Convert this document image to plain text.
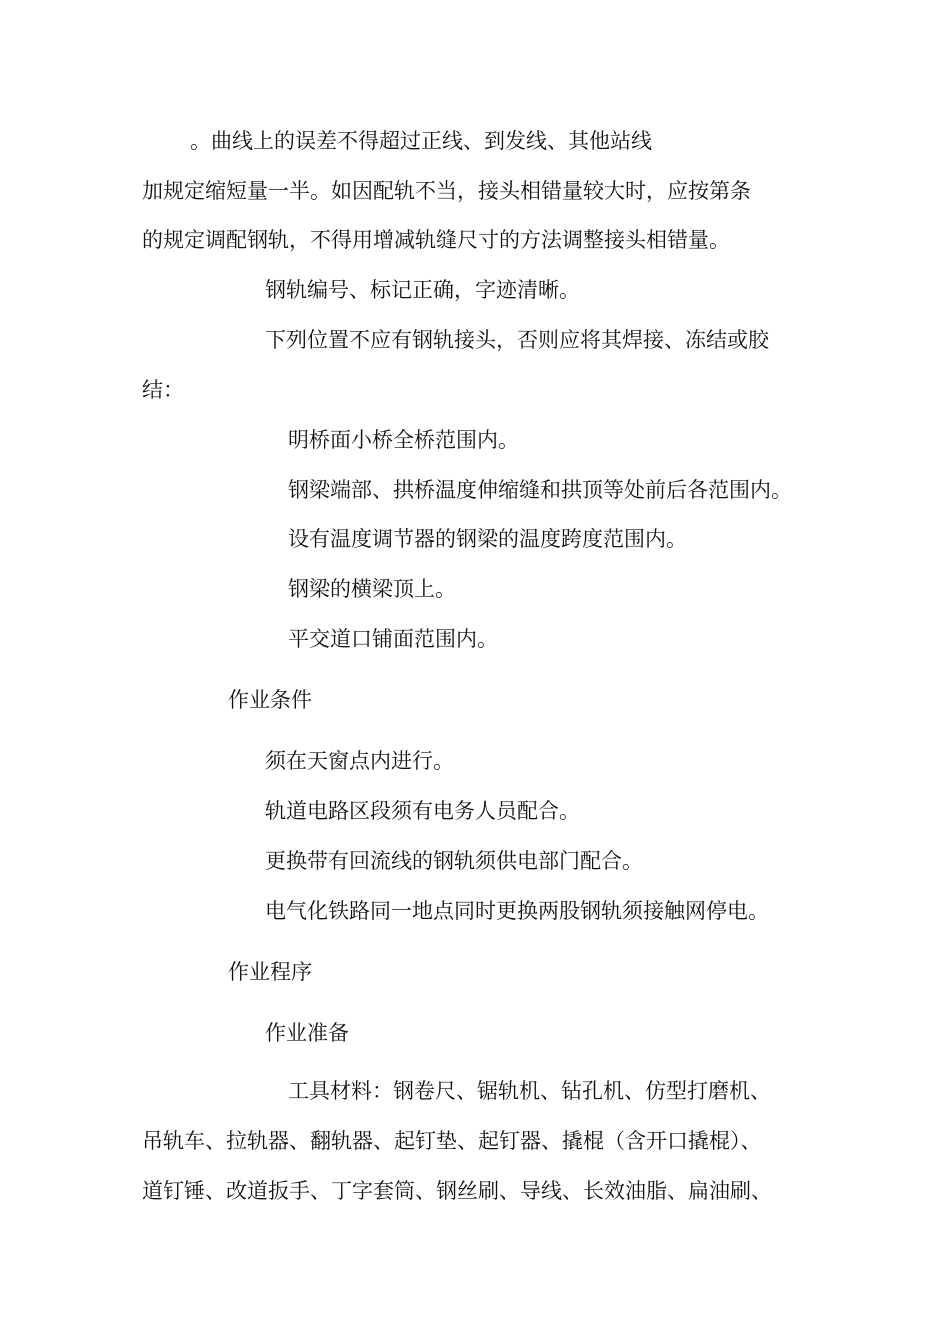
。曲线上的误差不得超过正线、到发线、其他站线

加规定缩短量一半。如因配轨不当，接头相错量较大时，应按第条

的规定调配钢轨，不得用增减轨缝尺寸的方法调整接头相错量。

钢轨编号、标记正确，字迹清晰。

下列位置不应有钢轨接头，否则应将其焊接、冻结或胶

结：

明桥面小桥全桥范围内。

钢梁端部、拱桥温度伸缩缝和拱顶等处前后各范围内。

设有温度调节器的钢梁的温度跨度范围内。

钢梁的横梁顶上。

平交道口铺面范围内。

作业条件

须在天窗点内进行。

轨道电路区段须有电务人员配合。

更换带有回流线的钢轨须供电部门配合。

电气化铁路同一地点同时更换两股钢轨须接触网停电。

作业程序

作业准备

工具材料：钢卷尺、锯轨机、钻孔机、仿型打磨机、

吊轨车、拉轨器、翻轨器、起钉垫、起钉器、撬棍（含开口撬棍）、

道钉锤、改道扳手、丁字套筒、钢丝刷、导线、长效油脂、扁油刷、
